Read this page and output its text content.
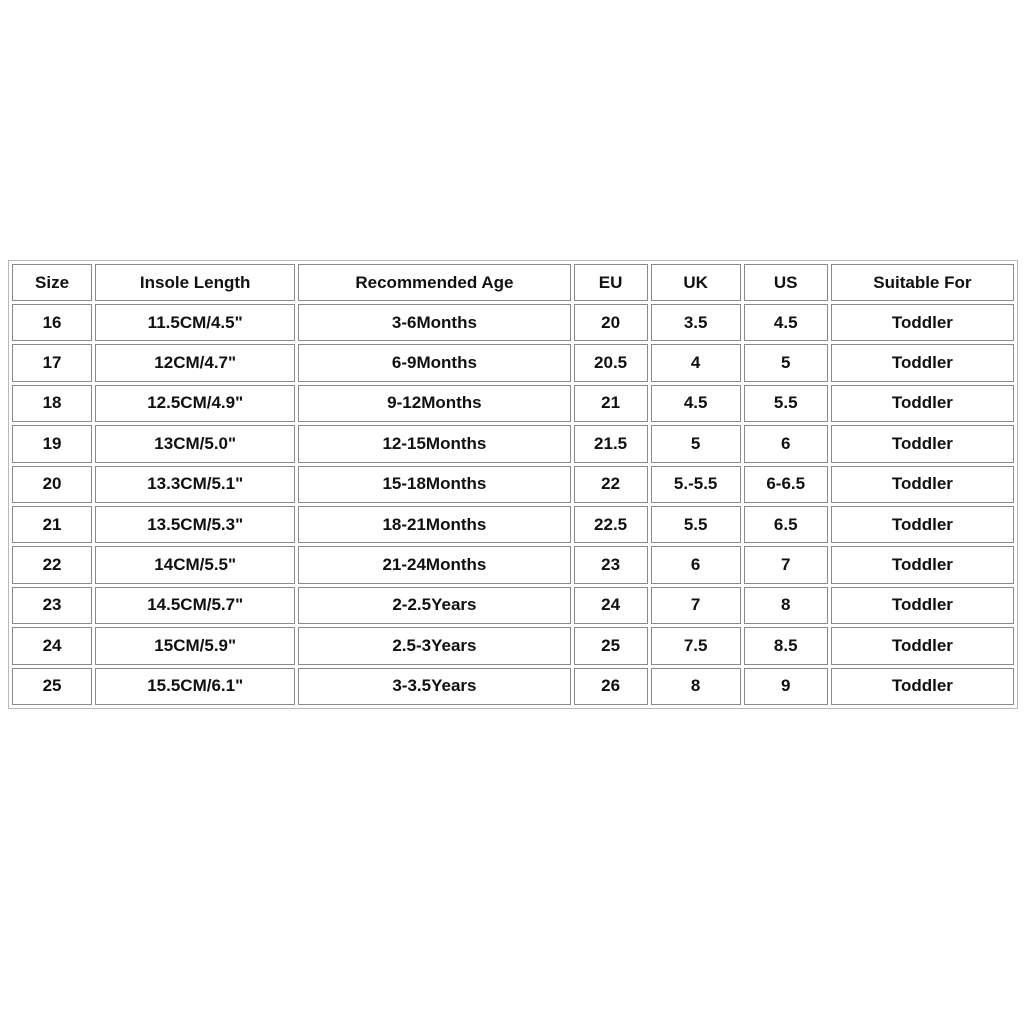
Size	Insole Length	Recommended Age	EU	UK	US	Suitable For
16	11.5CM/4.5"	3-6Months	20	3.5	4.5	Toddler
17	12CM/4.7"	6-9Months	20.5	4	5	Toddler
18	12.5CM/4.9"	9-12Months	21	4.5	5.5	Toddler
19	13CM/5.0"	12-15Months	21.5	5	6	Toddler
20	13.3CM/5.1"	15-18Months	22	5.-5.5	6-6.5	Toddler
21	13.5CM/5.3"	18-21Months	22.5	5.5	6.5	Toddler
22	14CM/5.5"	21-24Months	23	6	7	Toddler
23	14.5CM/5.7"	2-2.5Years	24	7	8	Toddler
24	15CM/5.9"	2.5-3Years	25	7.5	8.5	Toddler
25	15.5CM/6.1"	3-3.5Years	26	8	9	Toddler
